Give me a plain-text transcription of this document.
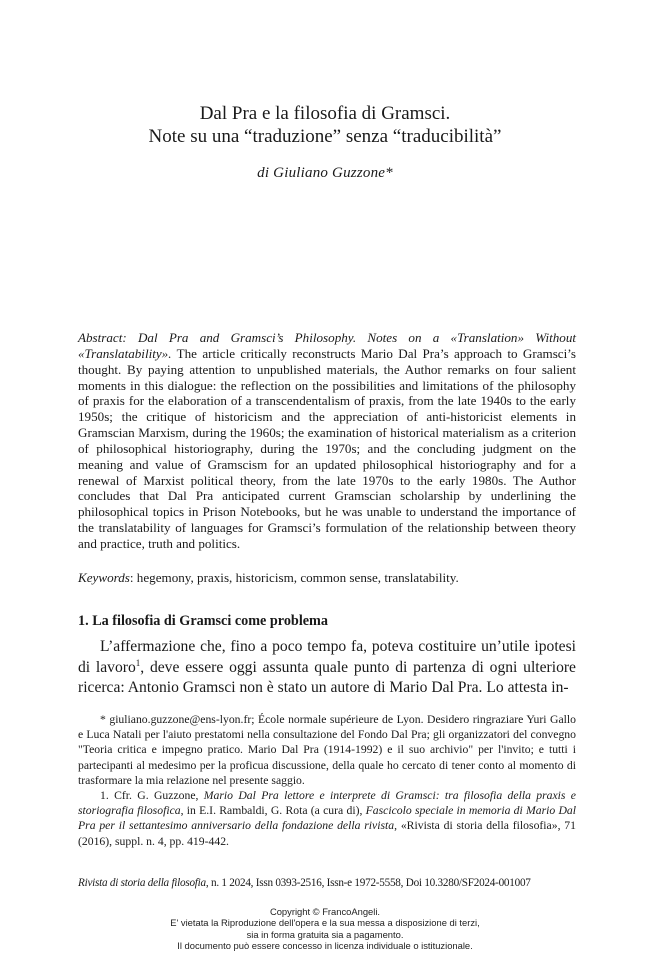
Dal Pra e la filosofia di Gramsci.
Note su una “traduzione” senza “traducibilità”
di Giuliano Guzzone*
Abstract: Dal Pra and Gramsci’s Philosophy. Notes on a «Translation» Without «Translatability». The article critically reconstructs Mario Dal Pra’s approach to Gramsci’s thought. By paying attention to unpublished materials, the Author remarks on four salient moments in this dialogue: the reflection on the possibilities and limitations of the philosophy of praxis for the elaboration of a transcendentalism of praxis, from the late 1940s to the early 1950s; the critique of historicism and the appreciation of anti-historicist elements in Gramscian Marxism, during the 1960s; the examination of historical materialism as a criterion of philosophical historiography, during the 1970s; and the concluding judgment on the meaning and value of Gramscism for an updated philosophical historiography and for a renewal of Marxist political theory, from the late 1970s to the early 1980s. The Author concludes that Dal Pra anticipated current Gramscian scholarship by underlining the philosophical topics in Prison Notebooks, but he was unable to understand the importance of the translatability of languages for Gramsci’s formulation of the relationship between theory and practice, truth and politics.
Keywords: hegemony, praxis, historicism, common sense, translatability.
1. La filosofia di Gramsci come problema

L’affermazione che, fino a poco tempo fa, poteva costituire un’utile ipotesi di lavoro$^1$, deve essere oggi assunta quale punto di partenza di ogni ulteriore ricerca: Antonio Gramsci non è stato un autore di Mario Dal Pra. Lo attesta in-

* giuliano.guzzone@ens-lyon.fr; École normale supérieure de Lyon. Desidero ringraziare Yuri Gallo e Luca Natali per l'aiuto prestatomi nella consultazione del Fondo Dal Pra; gli organizzatori del convegno "Teoria critica e impegno pratico. Mario Dal Pra (1914-1992) e il suo archivio" per l'invito; e tutti i partecipanti al medesimo per la proficua discussione, della quale ho cercato di tener conto al momento di trasformare la mia relazione nel presente saggio.

1. Cfr. G. Guzzone, Mario Dal Pra lettore e interprete di Gramsci: tra filosofia della praxis e storiografia filosofica, in E.I. Rambaldi, G. Rota (a cura di), Fascicolo speciale in memoria di Mario Dal Pra per il settantesimo anniversario della fondazione della rivista, «Rivista di storia della filosofia», 71 (2016), suppl. n. 4, pp. 419-442.

Rivista di storia della filosofia, n. 1 2024, Issn 0393-2516, Issn-e 1972-5558, Doi 10.3280/SF2024-001007
Copyright © FrancoAngeli.
E' vietata la Riproduzione dell'opera e la sua messa a disposizione di terzi,
sia in forma gratuita sia a pagamento.
Il documento può essere concesso in licenza individuale o istituzionale.
